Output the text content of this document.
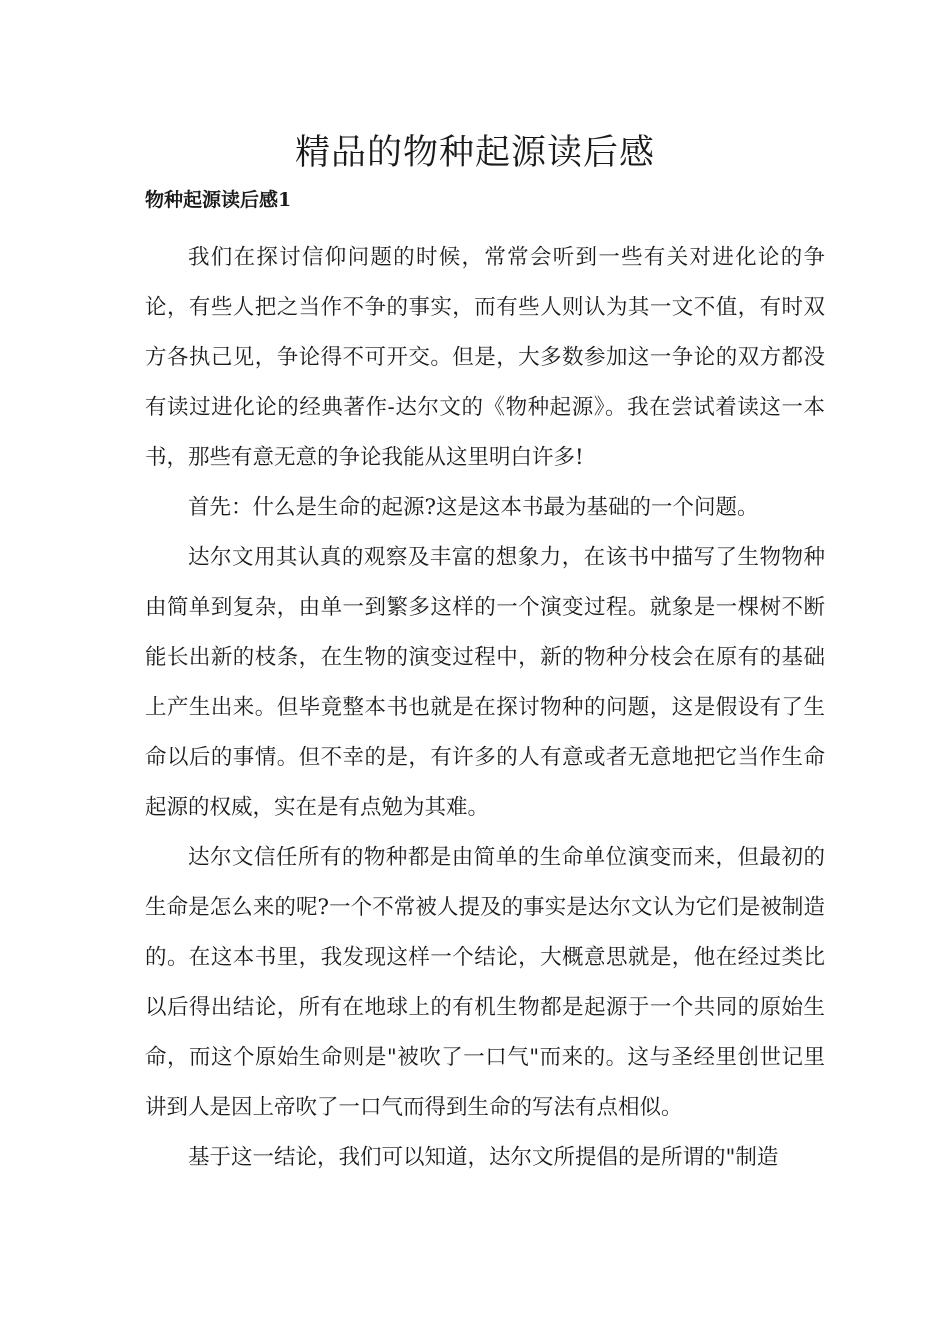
精品的物种起源读后感
物种起源读后感1

我们在探讨信仰问题的时候，常常会听到一些有关对进化论的争论，有些人把之当作不争的事实，而有些人则认为其一文不值，有时双方各执己见，争论得不可开交。但是，大多数参加这一争论的双方都没有读过进化论的经典著作-达尔文的《物种起源》。我在尝试着读这一本书，那些有意无意的争论我能从这里明白许多!

首先：什么是生命的起源?这是这本书最为基础的一个问题。

达尔文用其认真的观察及丰富的想象力，在该书中描写了生物物种由简单到复杂，由单一到繁多这样的一个演变过程。就象是一棵树不断能长出新的枝条，在生物的演变过程中，新的物种分枝会在原有的基础上产生出来。但毕竟整本书也就是在探讨物种的问题，这是假设有了生命以后的事情。但不幸的是，有许多的人有意或者无意地把它当作生命起源的权威，实在是有点勉为其难。

达尔文信任所有的物种都是由简单的生命单位演变而来，但最初的生命是怎么来的呢?一个不常被人提及的事实是达尔文认为它们是被制造的。在这本书里，我发现这样一个结论，大概意思就是，他在经过类比以后得出结论，所有在地球上的有机生物都是起源于一个共同的原始生命，而这个原始生命则是"被吹了一口气"而来的。这与圣经里创世记里讲到人是因上帝吹了一口气而得到生命的写法有点相似。

基于这一结论，我们可以知道，达尔文所提倡的是所谓的"制造
